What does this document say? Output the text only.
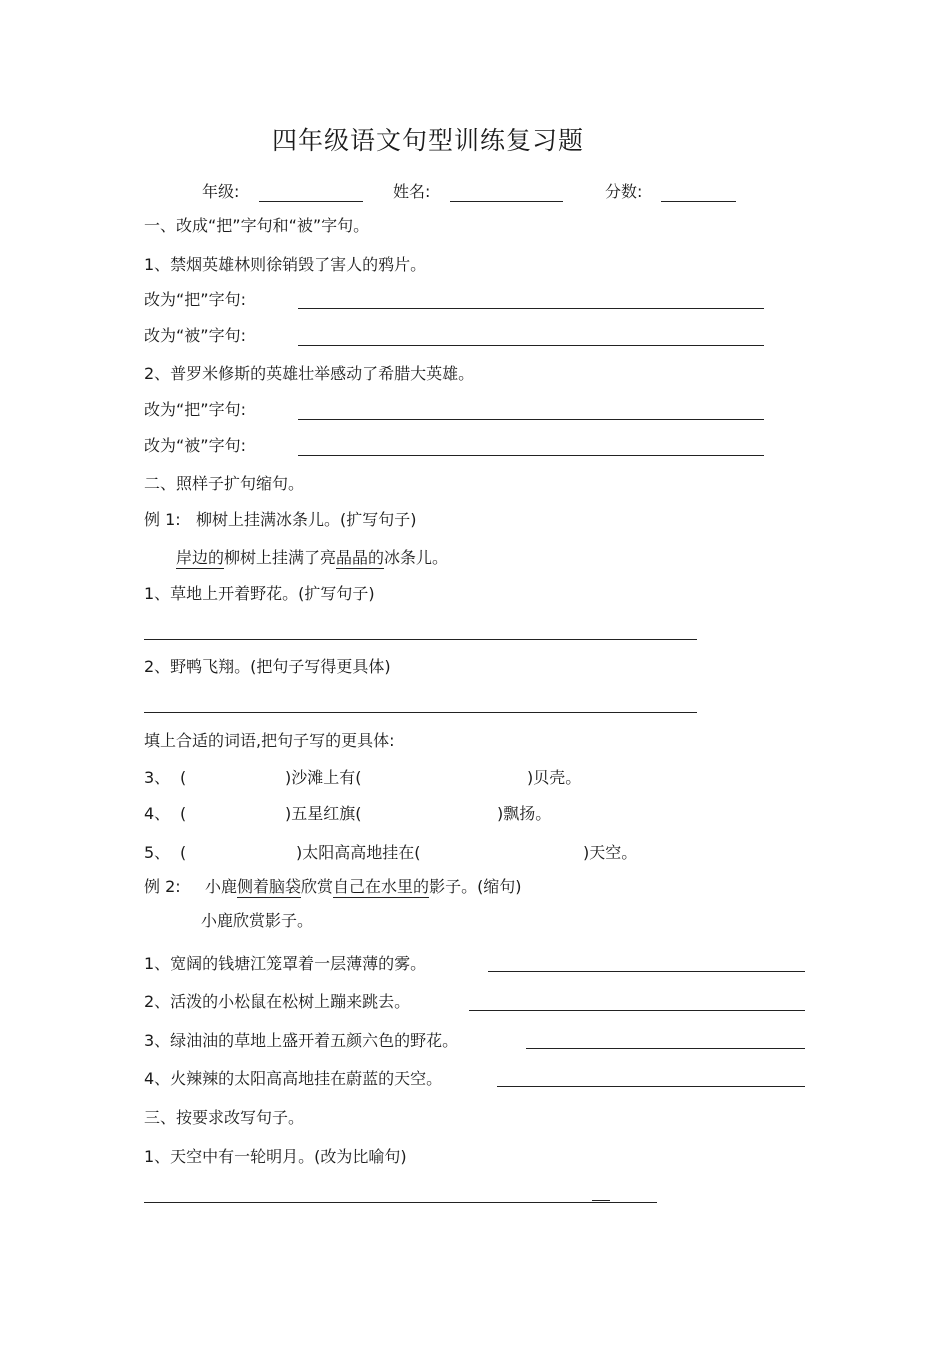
四年级语文句型训练复习题
年级:	姓名:	分数:
一、改成“把”字句和“被”字句。
1、禁烟英雄林则徐销毁了害人的鸦片。
改为“把”字句:
改为“被”字句:
2、普罗米修斯的英雄壮举感动了希腊大英雄。
改为“把”字句:
改为“被”字句:
二、照样子扩句缩句。
例 1: 柳树上挂满冰条儿。(扩写句子)
岸边的柳树上挂满了亮晶晶的冰条儿。
1、草地上开着野花。(扩写句子)
2、野鸭飞翔。(把句子写得更具体)
填上合适的词语,把句子写的更具体:
3、 (	)沙滩上有(	)贝壳。
4、 (	)五星红旗(	)飘扬。
5、 (	)太阳高高地挂在(	)天空。
例 2: 小鹿侧着脑袋欣赏自己在水里的影子。(缩句)
小鹿欣赏影子。
1、宽阔的钱塘江笼罩着一层薄薄的雾。
2、活泼的小松鼠在松树上蹦来跳去。
3、绿油油的草地上盛开着五颜六色的野花。
4、火辣辣的太阳高高地挂在蔚蓝的天空。
三、按要求改写句子。
1、天空中有一轮明月。(改为比喻句)
